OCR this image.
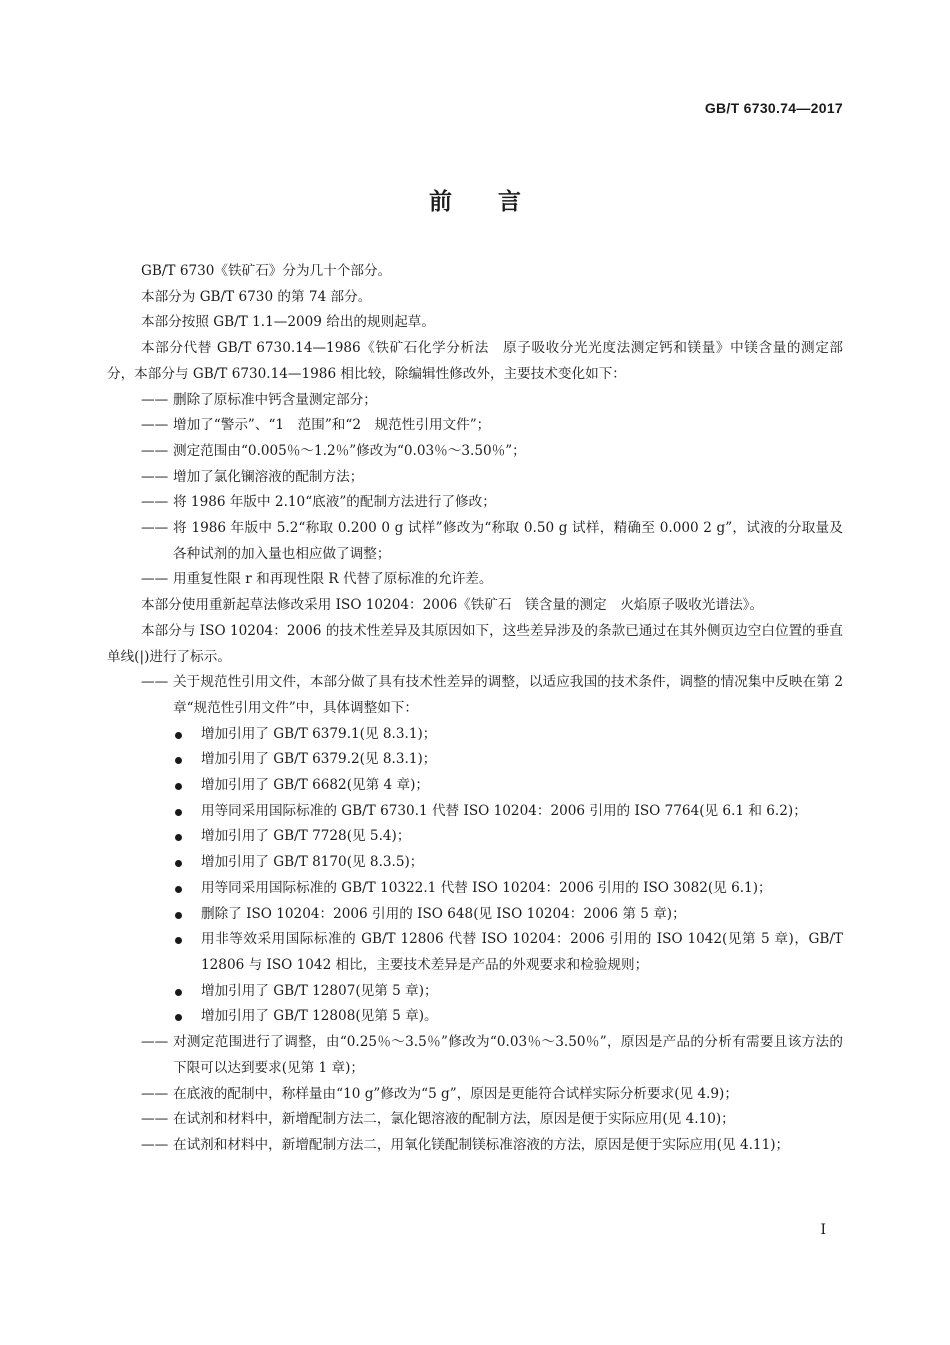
GB/T 6730.74—2017
前　　言

GB/T 6730《铁矿石》分为几十个部分。

本部分为 GB/T 6730 的第 74 部分。

本部分按照 GB/T 1.1—2009 给出的规则起草。

本部分代替 GB/T 6730.14—1986《铁矿石化学分析法　原子吸收分光光度法测定钙和镁量》中镁含量的测定部分，本部分与 GB/T 6730.14—1986 相比较，除编辑性修改外，主要技术变化如下：

—— 删除了原标准中钙含量测定部分；
—— 增加了“警示”、“1　范围”和“2　规范性引用文件”；
—— 测定范围由“0.005％～1.2％”修改为“0.03％～3.50％”；
—— 增加了氯化镧溶液的配制方法；
—— 将 1986 年版中 2.10“底液”的配制方法进行了修改；
—— 将 1986 年版中 5.2“称取 0.200 0 g 试样”修改为“称取 0.50 g 试样，精确至 0.000 2 g”，试液的分取量及各种试剂的加入量也相应做了调整；
—— 用重复性限 r 和再现性限 R 代替了原标准的允许差。

本部分使用重新起草法修改采用 ISO 10204：2006《铁矿石　镁含量的测定　火焰原子吸收光谱法》。

本部分与 ISO 10204：2006 的技术性差异及其原因如下，这些差异涉及的条款已通过在其外侧页边空白位置的垂直单线(|)进行了标示。

—— 关于规范性引用文件，本部分做了具有技术性差异的调整，以适应我国的技术条件，调整的情况集中反映在第 2 章“规范性引用文件”中，具体调整如下：
增加引用了 GB/T 6379.1(见 8.3.1)；
增加引用了 GB/T 6379.2(见 8.3.1)；
增加引用了 GB/T 6682(见第 4 章)；
用等同采用国际标准的 GB/T 6730.1 代替 ISO 10204：2006 引用的 ISO 7764(见 6.1 和 6.2)；
增加引用了 GB/T 7728(见 5.4)；
增加引用了 GB/T 8170(见 8.3.5)；
用等同采用国际标准的 GB/T 10322.1 代替 ISO 10204：2006 引用的 ISO 3082(见 6.1)；
删除了 ISO 10204：2006 引用的 ISO 648(见 ISO 10204：2006 第 5 章)；
用非等效采用国际标准的 GB/T 12806 代替 ISO 10204：2006 引用的 ISO 1042(见第 5 章)，GB/T 12806 与 ISO 1042 相比，主要技术差异是产品的外观要求和检验规则；
增加引用了 GB/T 12807(见第 5 章)；
增加引用了 GB/T 12808(见第 5 章)。
—— 对测定范围进行了调整，由“0.25％～3.5％”修改为“0.03％～3.50％”，原因是产品的分析有需要且该方法的下限可以达到要求(见第 1 章)；
—— 在底液的配制中，称样量由“10 g”修改为“5 g”，原因是更能符合试样实际分析要求(见 4.9)；
—— 在试剂和材料中，新增配制方法二，氯化锶溶液的配制方法，原因是便于实际应用(见 4.10)；
—— 在试剂和材料中，新增配制方法二，用氧化镁配制镁标准溶液的方法，原因是便于实际应用(见 4.11)；
I
